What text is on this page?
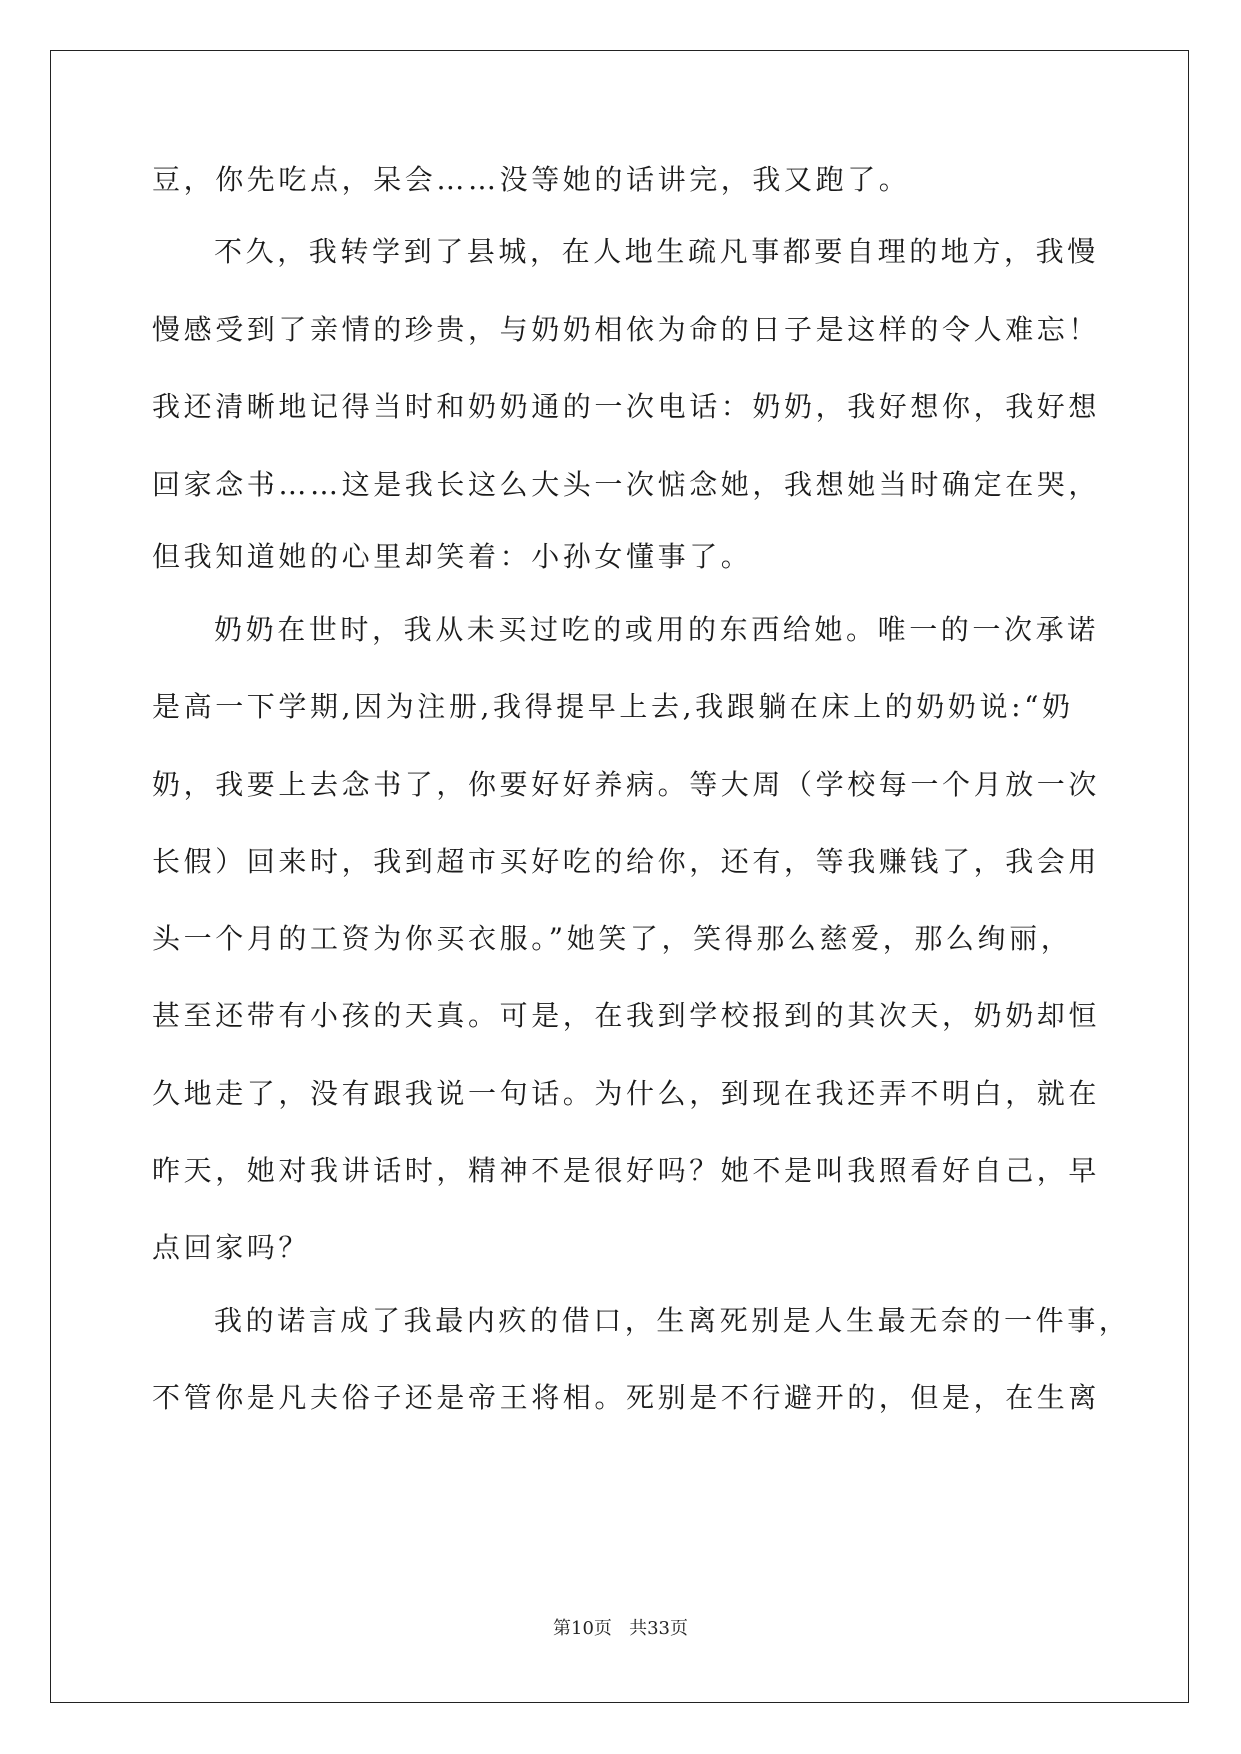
豆，你先吃点，呆会……没等她的话讲完，我又跑了。
不久，我转学到了县城，在人地生疏凡事都要自理的地方，我慢
慢感受到了亲情的珍贵，与奶奶相依为命的日子是这样的令人难忘！
我还清晰地记得当时和奶奶通的一次电话：奶奶，我好想你，我好想
回家念书……这是我长这么大头一次惦念她，我想她当时确定在哭，
但我知道她的心里却笑着：小孙女懂事了。
奶奶在世时，我从未买过吃的或用的东西给她。唯一的一次承诺
是高一下学期,因为注册,我得提早上去,我跟躺在床上的奶奶说:“奶
奶，我要上去念书了，你要好好养病。等大周（学校每一个月放一次
长假）回来时，我到超市买好吃的给你，还有，等我赚钱了，我会用
头一个月的工资为你买衣服。”她笑了，笑得那么慈爱，那么绚丽，
甚至还带有小孩的天真。可是，在我到学校报到的其次天，奶奶却恒
久地走了，没有跟我说一句话。为什么，到现在我还弄不明白，就在
昨天，她对我讲话时，精神不是很好吗？她不是叫我照看好自己，早
点回家吗？
我的诺言成了我最内疚的借口，生离死别是人生最无奈的一件事，
不管你是凡夫俗子还是帝王将相。死别是不行避开的，但是，在生离
第10页 共33页
